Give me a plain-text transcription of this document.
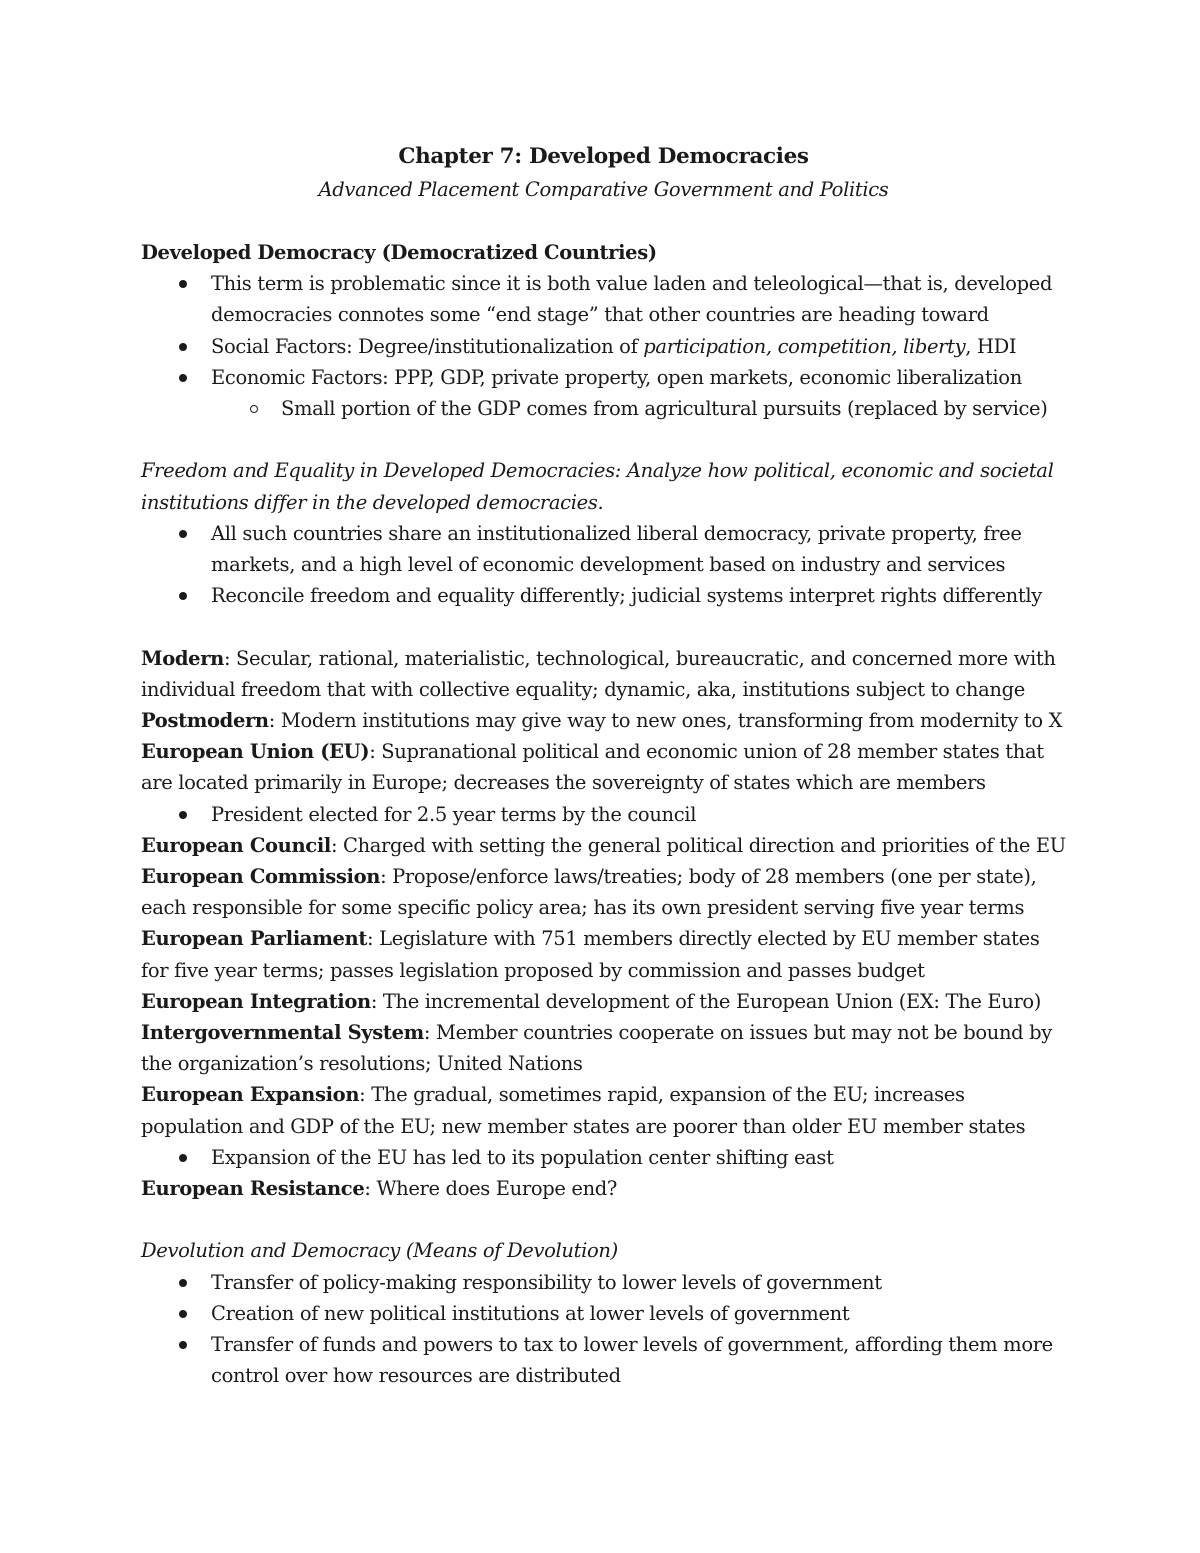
Chapter 7: Developed Democracies

Advanced Placement Comparative Government and Politics

Developed Democracy (Democratized Countries)

This term is problematic since it is both value laden and teleological—that is, developed democracies connotes some “end stage” that other countries are heading toward
Social Factors: Degree/institutionalization of participation, competition, liberty, HDI
Economic Factors: PPP, GDP, private property, open markets, economic liberalization
Small portion of the GDP comes from agricultural pursuits (replaced by service)

Freedom and Equality in Developed Democracies: Analyze how political, economic and societal institutions differ in the developed democracies.

All such countries share an institutionalized liberal democracy, private property, free markets, and a high level of economic development based on industry and services
Reconcile freedom and equality differently; judicial systems interpret rights differently

Modern: Secular, rational, materialistic, technological, bureaucratic, and concerned more with individual freedom that with collective equality; dynamic, aka, institutions subject to change

Postmodern: Modern institutions may give way to new ones, transforming from modernity to X

European Union (EU): Supranational political and economic union of 28 member states that are located primarily in Europe; decreases the sovereignty of states which are members

President elected for 2.5 year terms by the council

European Council: Charged with setting the general political direction and priorities of the EU

European Commission: Propose/enforce laws/treaties; body of 28 members (one per state), each responsible for some specific policy area; has its own president serving five year terms

European Parliament: Legislature with 751 members directly elected by EU member states for five year terms; passes legislation proposed by commission and passes budget

European Integration: The incremental development of the European Union (EX: The Euro)

Intergovernmental System: Member countries cooperate on issues but may not be bound by the organization’s resolutions; United Nations

European Expansion: The gradual, sometimes rapid, expansion of the EU; increases population and GDP of the EU; new member states are poorer than older EU member states

Expansion of the EU has led to its population center shifting east

European Resistance: Where does Europe end?

Devolution and Democracy (Means of Devolution)

Transfer of policy-making responsibility to lower levels of government
Creation of new political institutions at lower levels of government
Transfer of funds and powers to tax to lower levels of government, affording them more control over how resources are distributed
